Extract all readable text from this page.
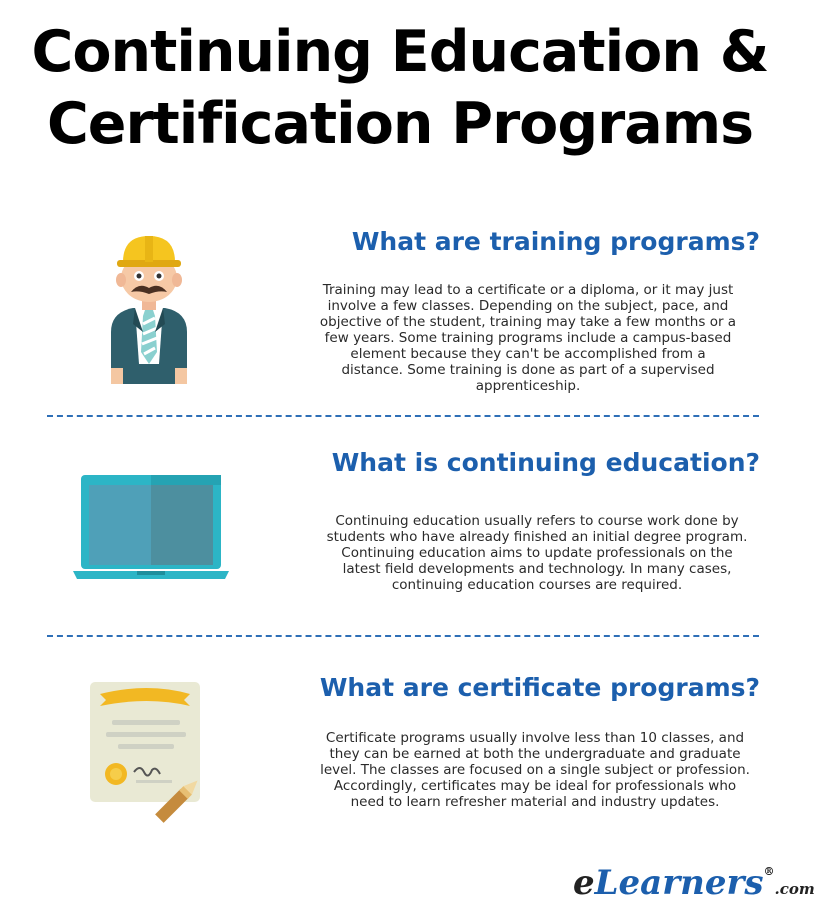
Continuing Education &
Certification Programs
What are training programs?

Training may lead to a certificate or a diploma, or it may just involve a few classes. Depending on the subject, pace, and objective of the student, training may take a few months or a few years. Some training programs include a campus-based element because they can't be accomplished from a distance. Some training is done as part of a supervised apprenticeship.

What is continuing education?

Continuing education usually refers to course work done by students who have already finished an initial degree program. Continuing education aims to update professionals on the latest field developments and technology. In many cases, continuing education courses are required.

What are certificate programs?

Certificate programs usually involve less than 10 classes, and they can be earned at both the undergraduate and graduate level. The classes are focused on a single subject or profession. Accordingly, certificates may be ideal for professionals who need to learn refresher material and industry updates.

eLearners®.com
